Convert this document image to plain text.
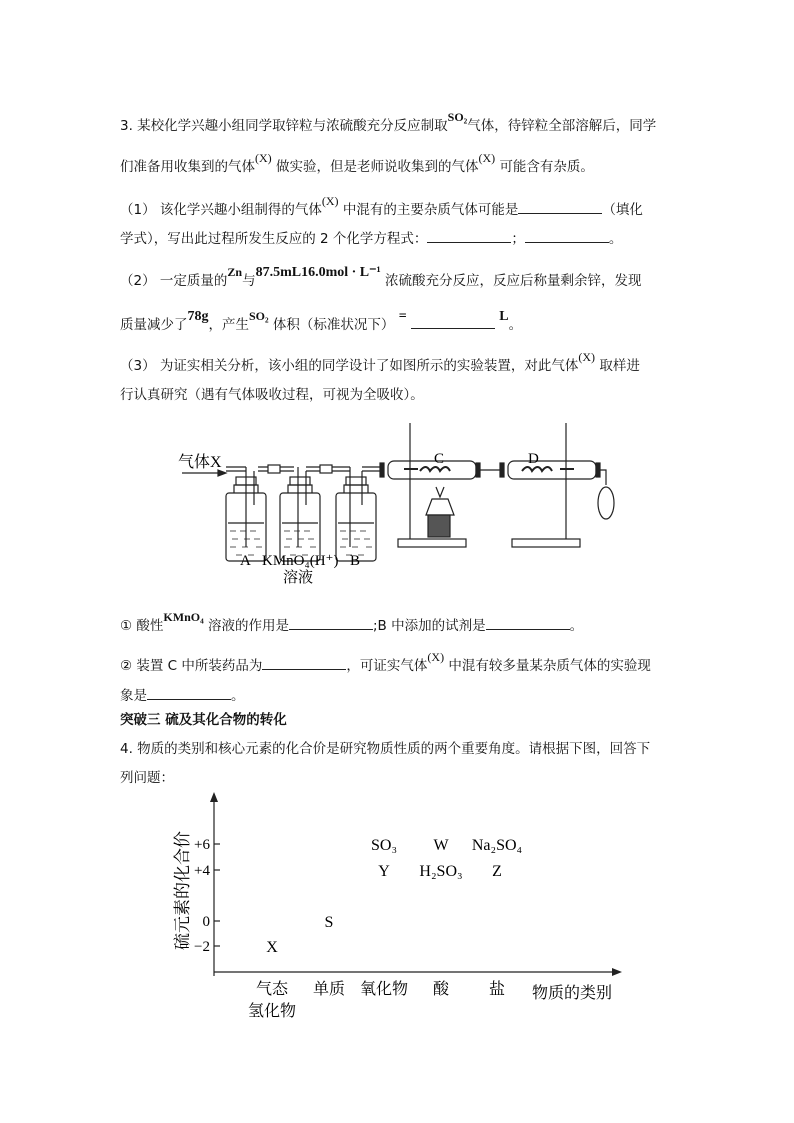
3. 某校化学兴趣小组同学取锌粒与浓硫酸充分反应制取SO₂气体，待锌粒全部溶解后，同学
们准备用收集到的气体(X) 做实验，但是老师说收集到的气体(X) 可能含有杂质。
（1） 该化学兴趣小组制得的气体(X) 中混有的主要杂质气体可能是	（填化
学式），写出此过程所发生反应的 2 个化学方程式：	；	。
（2） 一定质量的Zn与87.5mL16.0mol · L⁻¹ 浓硫酸充分反应，反应后称量剩余锌，发现
质量减少了78g，产生SO₂ 体积（标准状况下） =	L。
（3） 为证实相关分析，该小组的同学设计了如图所示的实验装置，对此气体(X) 取样进
行认真研究（遇有气体吸收过程，可视为全吸收）。
气体X	C	D
A KMnO₄(H⁺) B
溶液
① 酸性KMnO₄ 溶液的作用是	;B 中添加的试剂是	。
② 装置 C 中所装药品为	，可证实气体(X) 中混有较多量某杂质气体的实验现
象是	。
突破三 硫及其化合物的转化
4. 物质的类别和核心元素的化合价是研究物质性质的两个重要角度。请根据下图，回答下
列问题：
硫元素的化合价
物质的类别
+6
+4
0
−2
气态
氢化物
单质 氧化物 酸 盐
X
S
SO₃
Y
W
H₂SO₃
Na₂SO₄
Z
